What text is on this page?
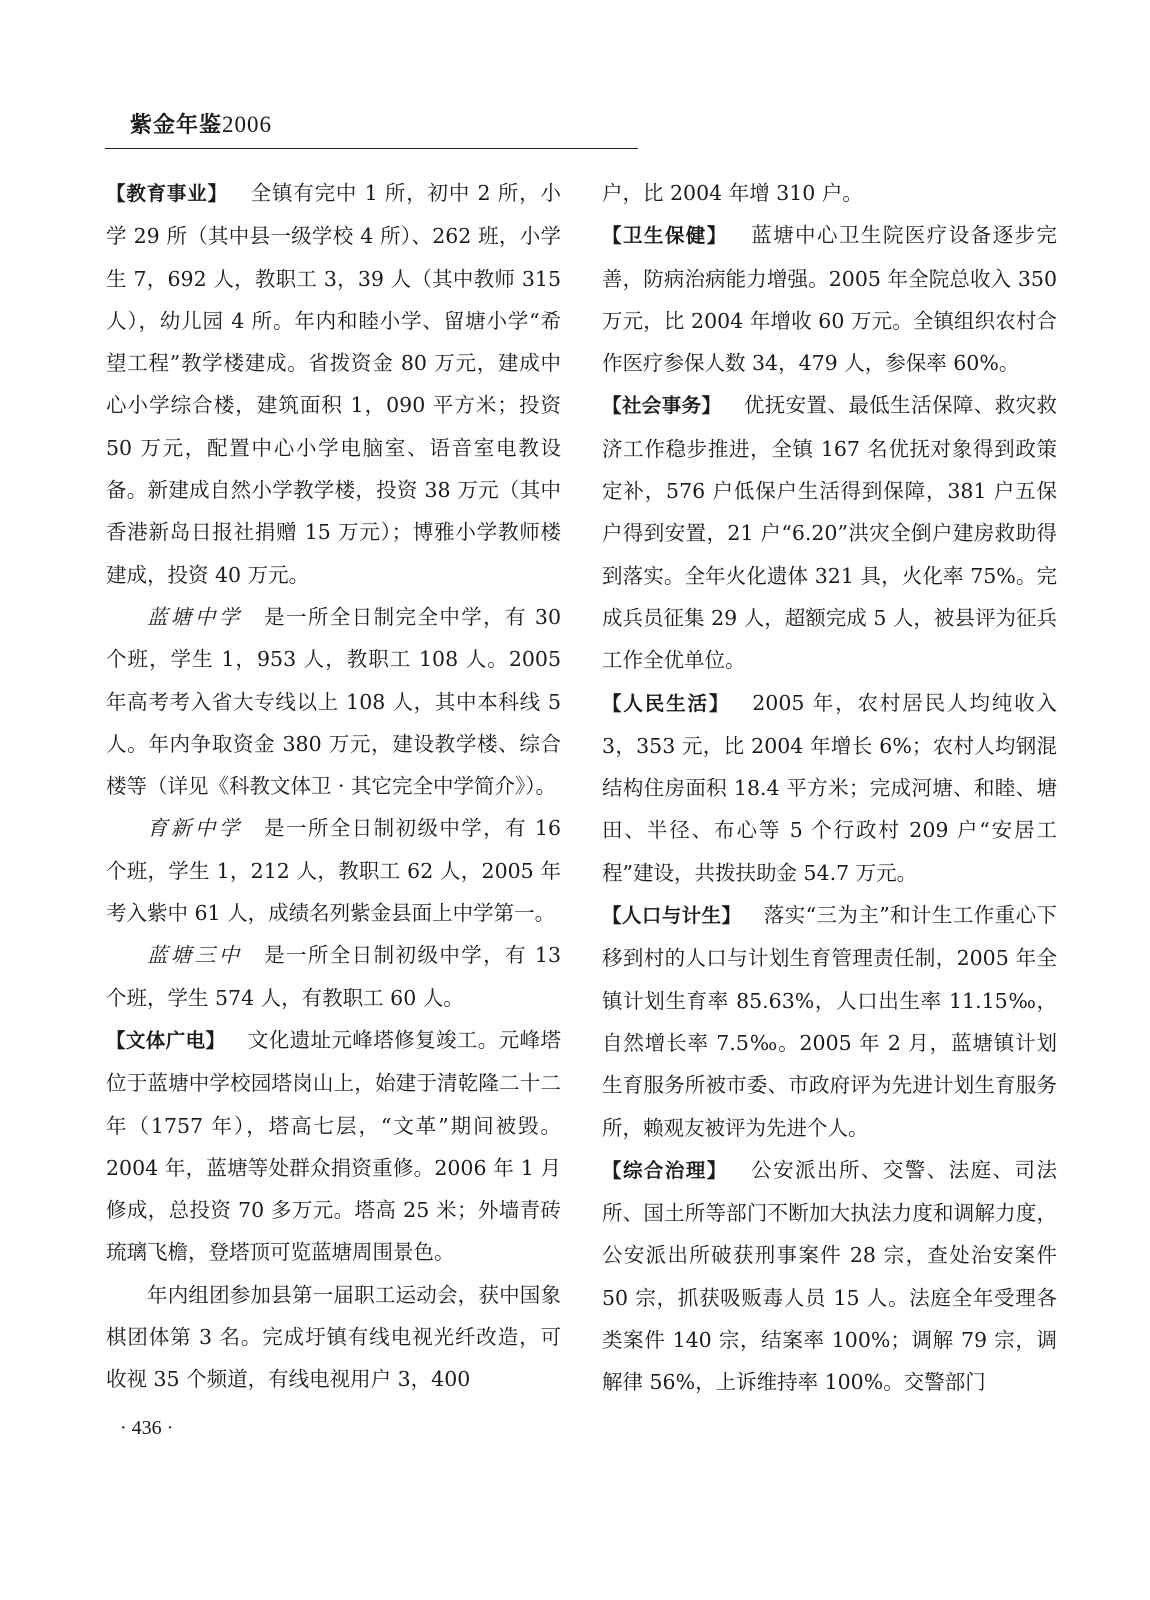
紫金年鉴2006

【教育事业】 全镇有完中 1 所，初中 2 所，小学 29 所（其中县一级学校 4 所）、262 班，小学生 7，692 人，教职工 3，39 人（其中教师 315 人），幼儿园 4 所。年内和睦小学、留塘小学“希望工程”教学楼建成。省拨资金 80 万元，建成中心小学综合楼，建筑面积 1，090 平方米；投资 50 万元，配置中心小学电脑室、语音室电教设备。新建成自然小学教学楼，投资 38 万元（其中香港新岛日报社捐赠 15 万元）；博雅小学教师楼建成，投资 40 万元。

蓝塘中学 是一所全日制完全中学，有 30 个班，学生 1，953 人，教职工 108 人。2005 年高考考入省大专线以上 108 人，其中本科线 5 人。年内争取资金 380 万元，建设教学楼、综合楼等（详见《科教文体卫 · 其它完全中学简介》）。

育新中学 是一所全日制初级中学，有 16 个班，学生 1，212 人，教职工 62 人，2005 年考入紫中 61 人，成绩名列紫金县面上中学第一。

蓝塘三中 是一所全日制初级中学，有 13 个班，学生 574 人，有教职工 60 人。

【文体广电】 文化遗址元峰塔修复竣工。元峰塔位于蓝塘中学校园塔岗山上，始建于清乾隆二十二年（1757 年），塔高七层，“文革”期间被毁。2004 年，蓝塘等处群众捐资重修。2006 年 1 月修成，总投资 70 多万元。塔高 25 米；外墙青砖琉璃飞檐，登塔顶可览蓝塘周围景色。

年内组团参加县第一届职工运动会，获中国象棋团体第 3 名。完成圩镇有线电视光纤改造，可收视 35 个频道，有线电视用户 3，400

户，比 2004 年增 310 户。

【卫生保健】 蓝塘中心卫生院医疗设备逐步完善，防病治病能力增强。2005 年全院总收入 350 万元，比 2004 年增收 60 万元。全镇组织农村合作医疗参保人数 34，479 人，参保率 60%。

【社会事务】 优抚安置、最低生活保障、救灾救济工作稳步推进，全镇 167 名优抚对象得到政策定补，576 户低保户生活得到保障，381 户五保户得到安置，21 户“6.20”洪灾全倒户建房救助得到落实。全年火化遗体 321 具，火化率 75%。完成兵员征集 29 人，超额完成 5 人，被县评为征兵工作全优单位。

【人民生活】 2005 年，农村居民人均纯收入 3，353 元，比 2004 年增长 6%；农村人均钢混结构住房面积 18.4 平方米；完成河塘、和睦、塘田、半径、布心等 5 个行政村 209 户“安居工程”建设，共拨扶助金 54.7 万元。

【人口与计生】 落实“三为主”和计生工作重心下移到村的人口与计划生育管理责任制，2005 年全镇计划生育率 85.63%，人口出生率 11.15‰，自然增长率 7.5‰。2005 年 2 月，蓝塘镇计划生育服务所被市委、市政府评为先进计划生育服务所，赖观友被评为先进个人。

【综合治理】 公安派出所、交警、法庭、司法所、国土所等部门不断加大执法力度和调解力度，公安派出所破获刑事案件 28 宗，查处治安案件 50 宗，抓获吸贩毒人员 15 人。法庭全年受理各类案件 140 宗，结案率 100%；调解 79 宗，调解律 56%，上诉维持率 100%。交警部门

· 436 ·
